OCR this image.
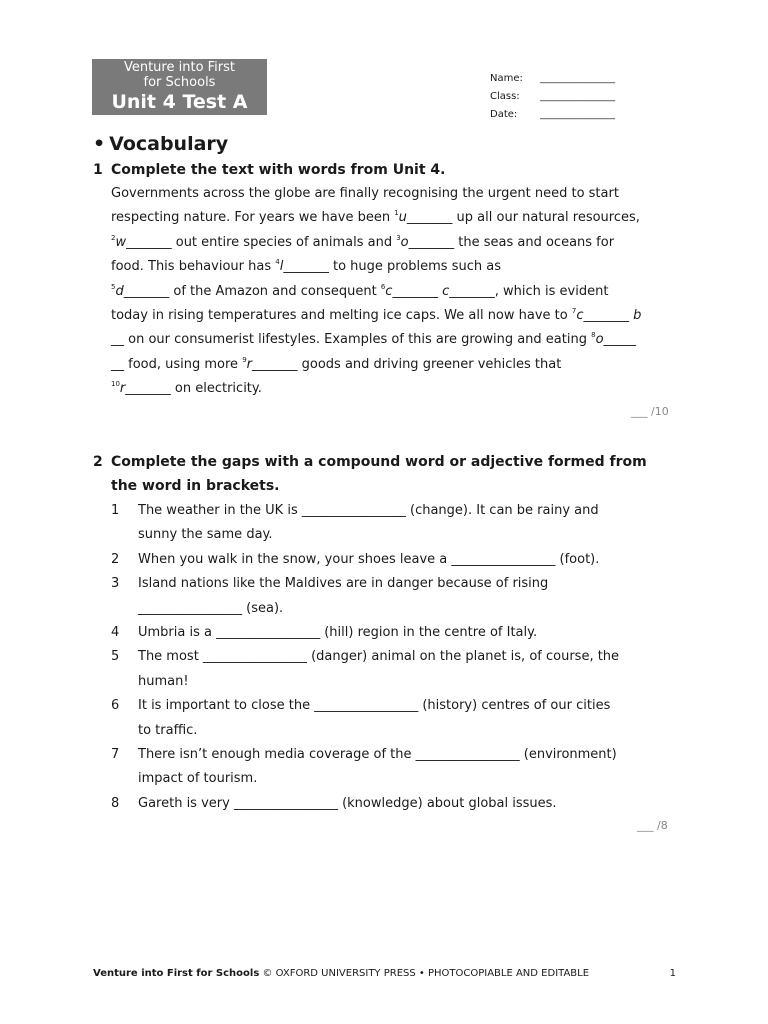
Venture into First
for Schools
Unit 4 Test A
Name: _______________
Class: _______________
Date: _______________
• Vocabulary
1 Complete the text with words from Unit 4.
Governments across the globe are finally recognising the urgent need to start
respecting nature. For years we have been $^1$u_______ up all our natural resources,
$^2$w_______ out entire species of animals and $^3$o_______ the seas and oceans for
food. This behaviour has $^4$l_______ to huge problems such as
$^5$d_______ of the Amazon and consequent $^6$c_______ c_______, which is evident
today in rising temperatures and melting ice caps. We all now have to $^7$c_______ b
__ on our consumerist lifestyles. Examples of this are growing and eating $^8$o_____
__ food, using more $^9$r_______ goods and driving greener vehicles that
$^{10}$r_______ on electricity.
___ /10
2 Complete the gaps with a compound word or adjective formed from
the word in brackets.
1 The weather in the UK is ________________ (change). It can be rainy and
sunny the same day.
2 When you walk in the snow, your shoes leave a ________________ (foot).
3 Island nations like the Maldives are in danger because of rising
________________ (sea).
4 Umbria is a ________________ (hill) region in the centre of Italy.
5 The most ________________ (danger) animal on the planet is, of course, the
human!
6 It is important to close the ________________ (history) centres of our cities
to traffic.
7 There isn’t enough media coverage of the ________________ (environment)
impact of tourism.
8 Gareth is very ________________ (knowledge) about global issues.
___ /8
Venture into First for Schools © OXFORD UNIVERSITY PRESS • PHOTOCOPIABLE AND EDITABLE	1
